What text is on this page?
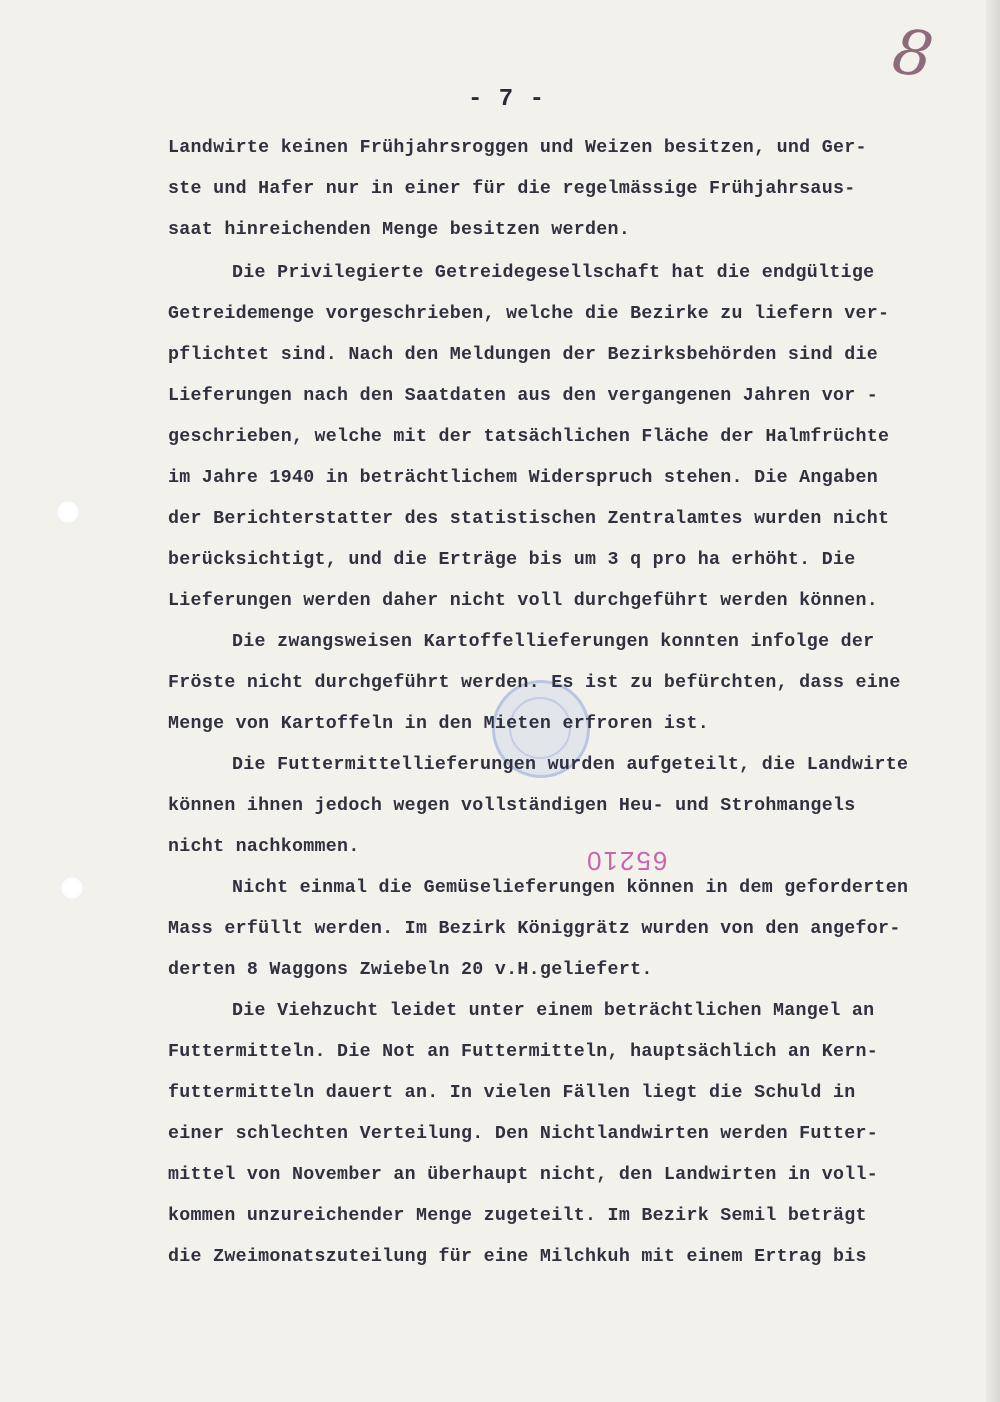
8
- 7 -
65210
Landwirte keinen Frühjahrsroggen und Weizen besitzen, und Ger-
ste und Hafer nur in einer für die regelmässige Frühjahrsaus-
saat hinreichenden Menge besitzen werden.
Die Privilegierte Getreidegesellschaft hat die endgültige
Getreidemenge vorgeschrieben, welche die Bezirke zu liefern ver-
pflichtet sind. Nach den Meldungen der Bezirksbehörden sind die
Lieferungen nach den Saatdaten aus den vergangenen Jahren vor -
geschrieben, welche mit der tatsächlichen Fläche der Halmfrüchte
im Jahre 1940 in beträchtlichem Widerspruch stehen. Die Angaben
der Berichterstatter des statistischen Zentralamtes wurden nicht
berücksichtigt, und die Erträge bis um 3 q pro ha erhöht. Die
Lieferungen werden daher nicht voll durchgeführt werden können.
Die zwangsweisen Kartoffellieferungen konnten infolge der
Fröste nicht durchgeführt werden. Es ist zu befürchten, dass eine
Menge von Kartoffeln in den Mieten erfroren ist.
Die Futtermittellieferungen wurden aufgeteilt, die Landwirte
können ihnen jedoch wegen vollständigen Heu- und Strohmangels
nicht nachkommen.
Nicht einmal die Gemüselieferungen können in dem geforderten
Mass erfüllt werden. Im Bezirk Königgrätz wurden von den angefor-
derten 8 Waggons Zwiebeln 20 v.H.geliefert.
Die Viehzucht leidet unter einem beträchtlichen Mangel an
Futtermitteln. Die Not an Futtermitteln, hauptsächlich an Kern-
futtermitteln dauert an. In vielen Fällen liegt die Schuld in
einer schlechten Verteilung. Den Nichtlandwirten werden Futter-
mittel von November an überhaupt nicht, den Landwirten in voll-
kommen unzureichender Menge zugeteilt. Im Bezirk Semil beträgt
die Zweimonatszuteilung für eine Milchkuh mit einem Ertrag bis
